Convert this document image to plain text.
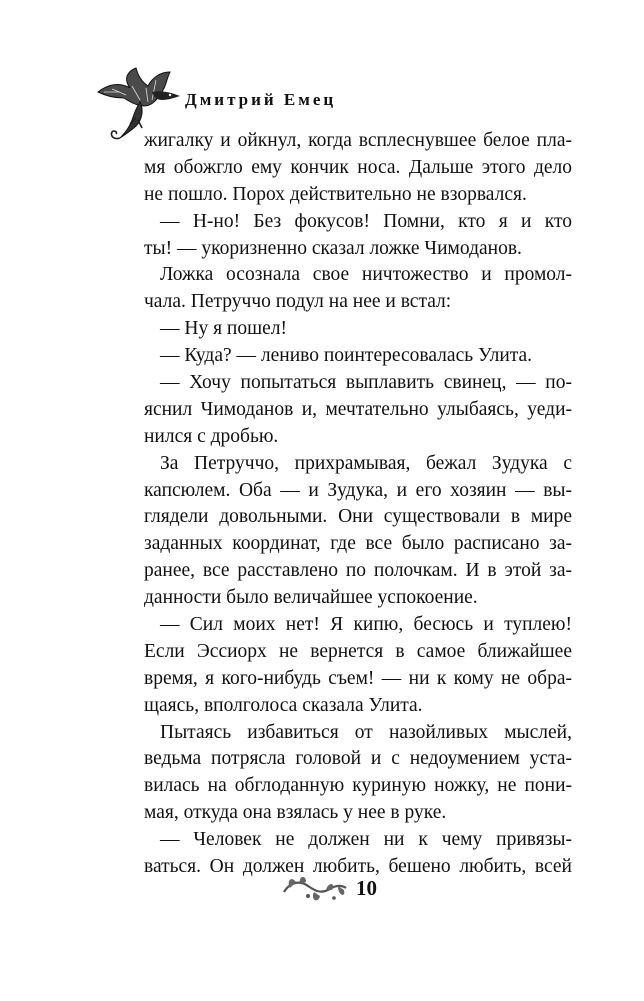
Дмитрий Емец
жигалку и ойкнул, когда всплеснувшее белое пла-
мя обожгло ему кончик носа. Дальше этого дело
не пошло. Порох действительно не взорвался.
— Н-но! Без фокусов! Помни, кто я и кто
ты! — укоризненно сказал ложке Чимоданов.
Ложка осознала свое ничтожество и промол-
чала. Петруччо подул на нее и встал:
— Ну я пошел!
— Куда? — лениво поинтересовалась Улита.
— Хочу попытаться выплавить свинец, — по-
яснил Чимоданов и, мечтательно улыбаясь, уеди-
нился с дробью.
За Петруччо, прихрамывая, бежал Зудука с
капсюлем. Оба — и Зудука, и его хозяин — вы-
глядели довольными. Они существовали в мире
заданных координат, где все было расписано за-
ранее, все расставлено по полочкам. И в этой за-
данности было величайшее успокоение.
— Сил моих нет! Я кипю, бесюсь и туплею!
Если Эссиорх не вернется в самое ближайшее
время, я кого-нибудь съем! — ни к кому не обра-
щаясь, вполголоса сказала Улита.
Пытаясь избавиться от назойливых мыслей,
ведьма потрясла головой и с недоумением уста-
вилась на обглоданную куриную ножку, не пони-
мая, откуда она взялась у нее в руке.
— Человек не должен ни к чему привязы-
ваться. Он должен любить, бешено любить, всей
10
